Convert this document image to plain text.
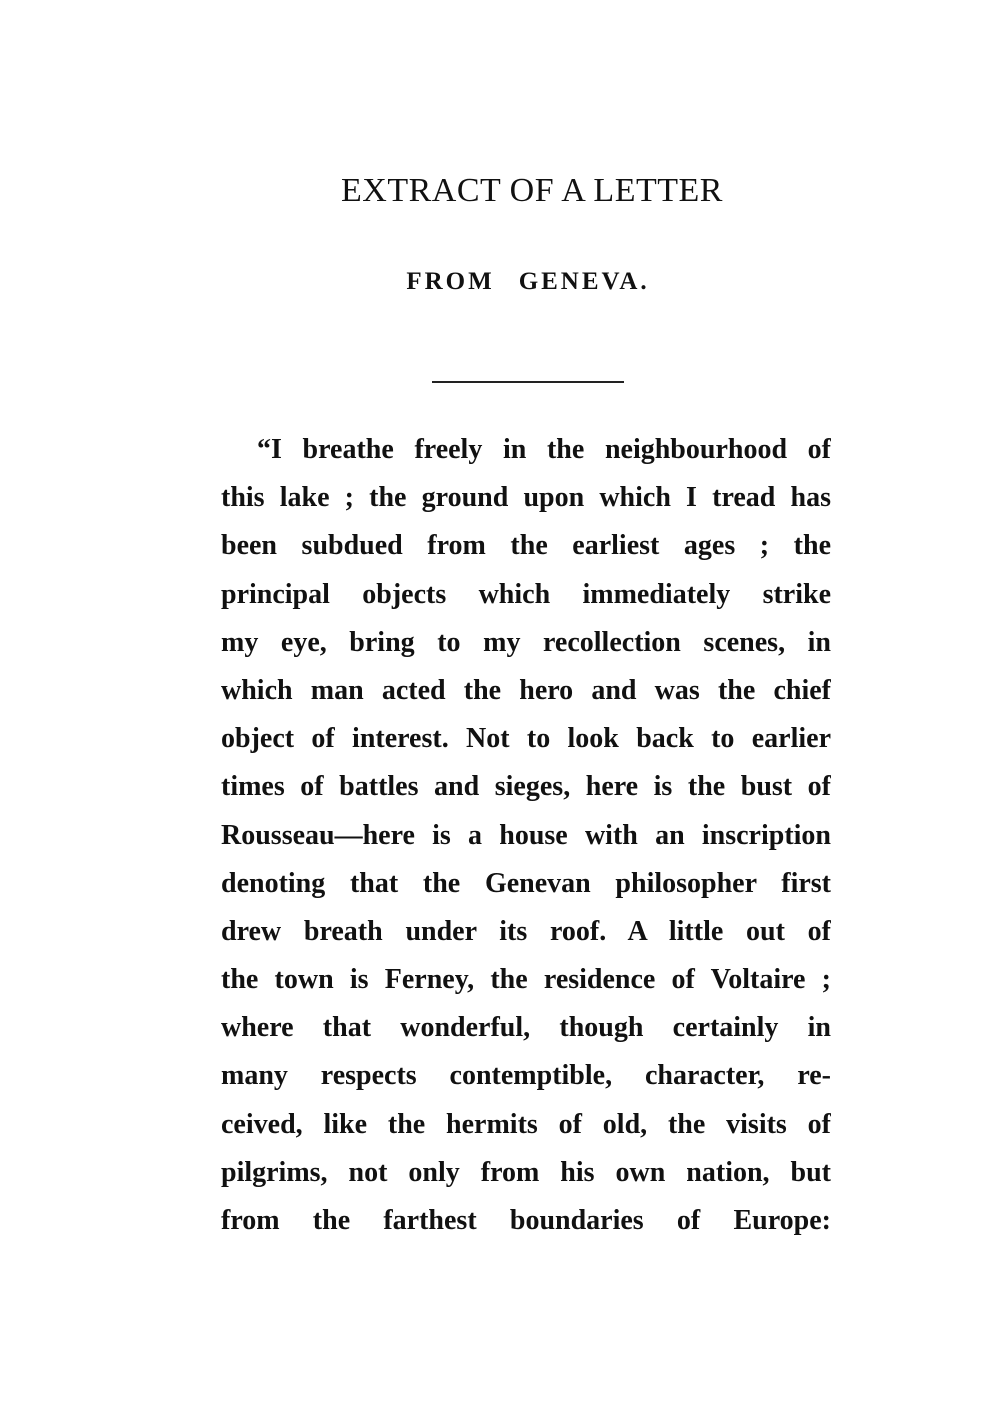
EXTRACT OF A LETTER
FROM GENEVA.
“I breathe freely in the neighbourhood of
this lake ; the ground upon which I tread has
been subdued from the earliest ages ; the
principal objects which immediately strike
my eye, bring to my recollection scenes, in
which man acted the hero and was the chief
object of interest. Not to look back to earlier
times of battles and sieges, here is the bust of
Rousseau—here is a house with an inscription
denoting that the Genevan philosopher first
drew breath under its roof. A little out of
the town is Ferney, the residence of Voltaire ;
where that wonderful, though certainly in
many respects contemptible, character, re-
ceived, like the hermits of old, the visits of
pilgrims, not only from his own nation, but
from the farthest boundaries of Europe:
